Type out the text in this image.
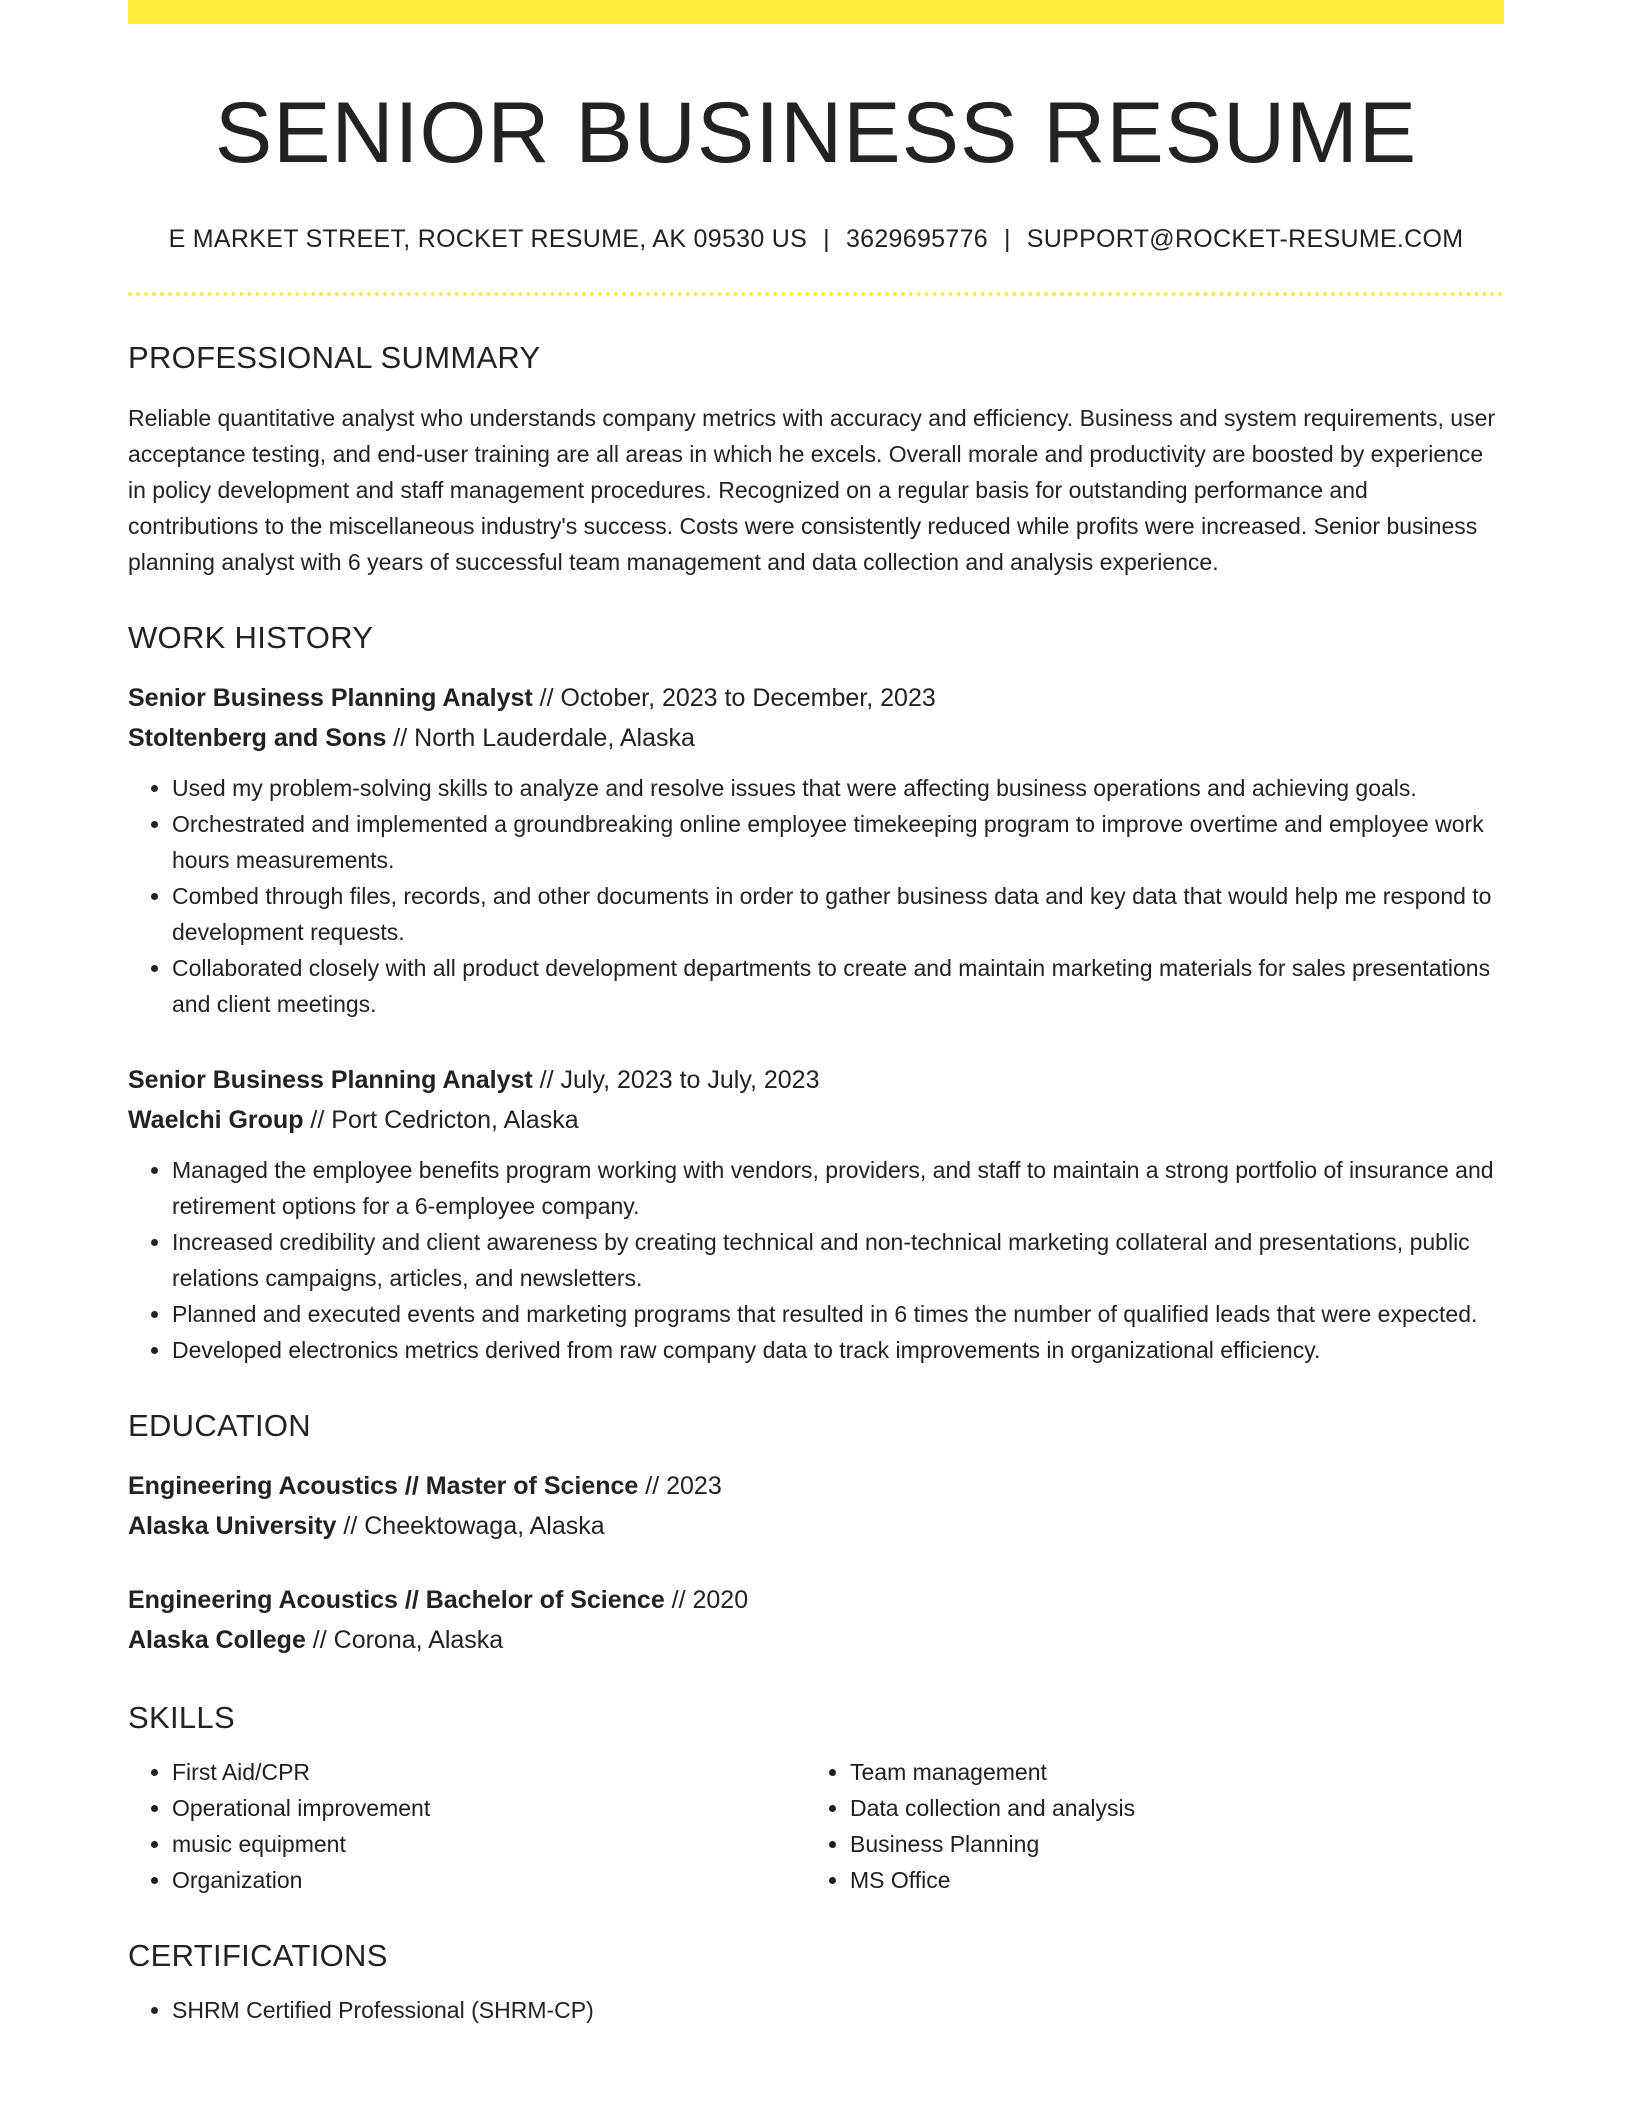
SENIOR BUSINESS RESUME
E MARKET STREET, ROCKET RESUME, AK 09530 US | 3629695776 | SUPPORT@ROCKET-RESUME.COM
PROFESSIONAL SUMMARY
Reliable quantitative analyst who understands company metrics with accuracy and efficiency. Business and system requirements, user acceptance testing, and end-user training are all areas in which he excels. Overall morale and productivity are boosted by experience in policy development and staff management procedures. Recognized on a regular basis for outstanding performance and contributions to the miscellaneous industry's success. Costs were consistently reduced while profits were increased. Senior business planning analyst with 6 years of successful team management and data collection and analysis experience.
WORK HISTORY
Senior Business Planning Analyst // October, 2023 to December, 2023
Stoltenberg and Sons // North Lauderdale, Alaska
• Used my problem-solving skills to analyze and resolve issues that were affecting business operations and achieving goals.
• Orchestrated and implemented a groundbreaking online employee timekeeping program to improve overtime and employee work hours measurements.
• Combed through files, records, and other documents in order to gather business data and key data that would help me respond to development requests.
• Collaborated closely with all product development departments to create and maintain marketing materials for sales presentations and client meetings.
Senior Business Planning Analyst // July, 2023 to July, 2023
Waelchi Group // Port Cedricton, Alaska
• Managed the employee benefits program working with vendors, providers, and staff to maintain a strong portfolio of insurance and retirement options for a 6-employee company.
• Increased credibility and client awareness by creating technical and non-technical marketing collateral and presentations, public relations campaigns, articles, and newsletters.
• Planned and executed events and marketing programs that resulted in 6 times the number of qualified leads that were expected.
• Developed electronics metrics derived from raw company data to track improvements in organizational efficiency.
EDUCATION
Engineering Acoustics // Master of Science // 2023
Alaska University // Cheektowaga, Alaska
Engineering Acoustics // Bachelor of Science // 2020
Alaska College // Corona, Alaska
SKILLS
• First Aid/CPR
• Operational improvement
• music equipment
• Organization
• Team management
• Data collection and analysis
• Business Planning
• MS Office
CERTIFICATIONS
• SHRM Certified Professional (SHRM-CP)
